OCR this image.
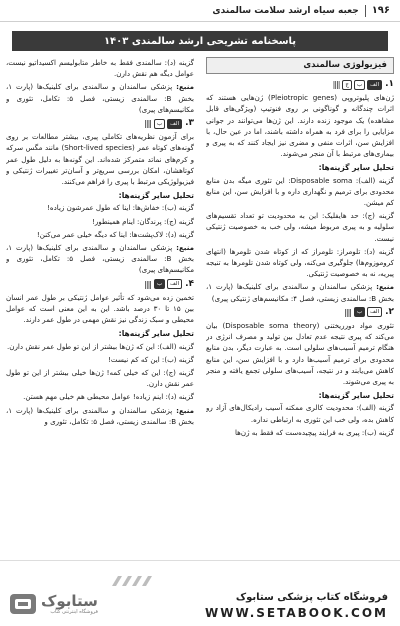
جعبه سیاه ارشد سلامت سالمندی ۱۹۶
پاسخنامه تشریحی ارشد سالمندی ۱۴۰۳
فیزیولوژی سالمندی
۱.
الف
ب
ج
||||

ژن‌های پلیوتروپی (Pleiotropic genes) ژن‌هایی هستند که اثرات چندگانه و گوناگونی بر روی فنوتیپ (ویژگی‌های قابل مشاهده) یک موجود زنده دارند. این ژن‌ها می‌توانند در جوانی مزایایی را برای فرد به همراه داشته باشند، اما در عین حال، با افزایش سن، اثرات منفی و مضری نیز ایجاد کنند که به پیری و بیماری‌های مرتبط با آن منجر می‌شوند.

تحلیل سایر گزینه‌ها:

گزینه (الف): Disposable soma: این تئوری میگه بدن منابع محدودی برای ترمیم و نگهداری داره و با افزایش سن، این منابع کم میشن.

گزینه (ج): حد هایفلیک: این به محدودیت تو تعداد تقسیم‌های سلولیه و به پیری مربوط میشه، ولی خب به خصوصیت ژنتیکی نیست.

گزینه (د): تلومراز: تلومراز که از کوتاه شدن تلومرها (انتهای کروموزوم‌ها) جلوگیری می‌کنه، ولی کوتاه شدن تلومرها به تنیجه پیریه، نه به خصوصیت ژنتیکی.

منبع: پزشکی سالمندان و سالمندی برای کلینیک‌ها (پارت ۱، بخش B: سالمندی زیستی، فصل ۴: مکانیسم‌های ژنتیکی پیری)

۲.
الف
ب
||||

تئوری مواد دورریختنی (Disposable soma theory) بیان می‌کند که پیری نتیجه عدم تعادل بین تولید و مصرف انرژی در هنگام ترمیم آسیب‌های سلولی است. به عبارت دیگر، بدن منابع محدودی برای ترمیم آسیب‌ها دارد و با افزایش سن، این منابع کاهش می‌یابند و در نتیجه، آسیب‌های سلولی تجمع یافته و منجر به پیری می‌شوند.

تحلیل سایر گزینه‌ها:

گزینه (الف): محدودیت کالری ممکنه آسیب رادیکال‌های آزاد رو کاهش بده، ولی خب این تئوری به ارتباطی نداره.

گزینه (ب): پیری به فرایند پیچیده‌ست که فقط به ژن‌ها

گزینه (د): سالمندی فقط به خاطر متابولیسم اکسیداتیو نیست، عوامل دیگه هم نقش دارن.

منبع: پزشکی سالمندان و سالمندی برای کلینیک‌ها (پارت ۱، بخش B: سالمندی زیستی، فصل ۵: تکامل، تئوری و مکانیسم‌های پیری)

۳.
الف
ب
||||

برای آزمون نظریه‌های تکاملی پیری، بیشتر مطالعات بر روی گونه‌های کوتاه عمر (Short-lived species) مانند مگس سرکه و کرم‌های نماتد متمرکز شده‌اند. این گونه‌ها به دلیل طول عمر کوتاهشان، امکان بررسی سریع‌تر و آسان‌تر تغییرات ژنتیکی و فیزیولوژیکی مرتبط با پیری را فراهم می‌کنند.

تحلیل سایر گزینه‌ها:

گزینه (ب): خفاش‌ها: اینا که طول عمرشون زیاده!

گزینه (ج): پرندگان: اینام همینطور!

گزینه (د): لاک‌پشت‌ها: اینا که دیگه خیلی عمر می‌کنن!

منبع: پزشکی سالمندان و سالمندی برای کلینیک‌ها (پارت ۱، بخش B: سالمندی زیستی، فصل ۵: تکامل، تئوری و مکانیسم‌های پیری)

۴.
الف
ب
||||

تخمین زده می‌شود که تأثیر عوامل ژنتیکی بر طول عمر انسان بین ۱۵ تا ۳۰ درصد باشد. این به این معنی است که عوامل محیطی و سبک زندگی نیز نقش مهمی در طول عمر دارند.

تحلیل سایر گزینه‌ها:

گزینه (الف): این که ژن‌ها بیشتر از این تو طول عمر نقش دارن.

گزینه (ب): این که کم نیست!

گزینه (ج): این که خیلی کمه! ژن‌ها خیلی بیشتر از این تو طول عمر نقش دارن.

گزینه (د): اینم زیاده! عوامل محیطی هم خیلی مهم هستن.

منبع: پزشکی سالمندان و سالمندی برای کلینیک‌ها (پارت ۱، بخش B: سالمندی زیستی، فصل ۵: تکامل، تئوری و

ستابوک
فروشگاه اینترنتی کتاب
فروشگاه کتاب پزشکی ستابوک
WWW.SETABOOK.COM
